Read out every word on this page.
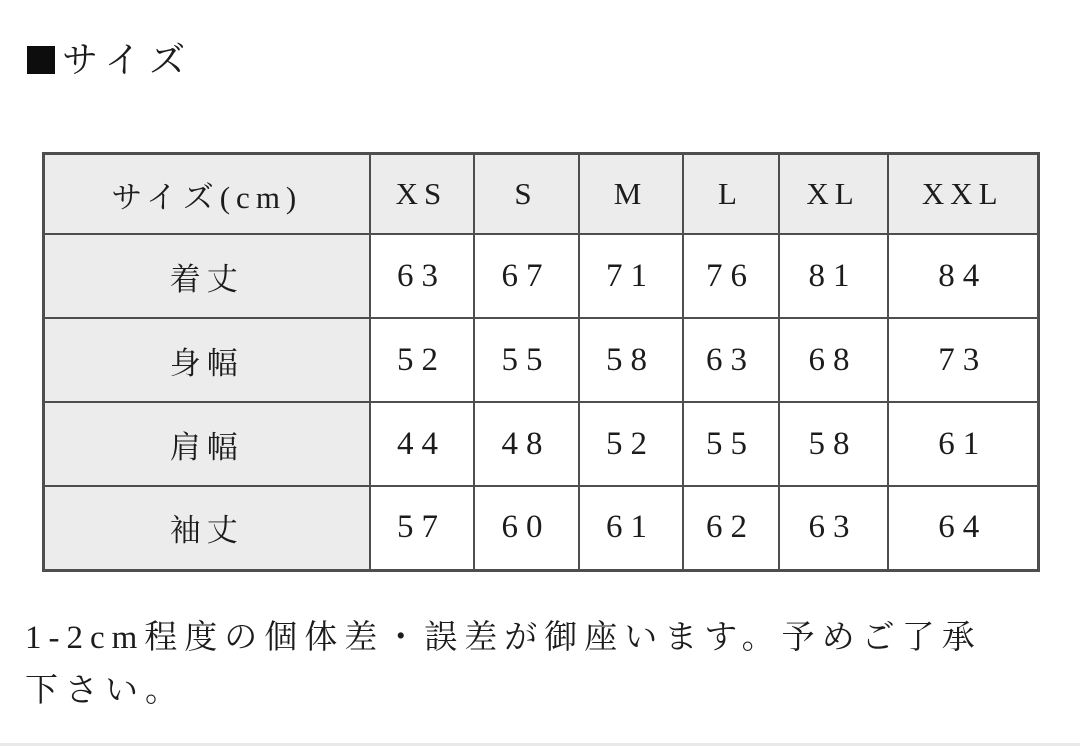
サイズ
サイズ(cm)	XS	S	M	L	XL	XXL
着丈	63	67	71	76	81	84
身幅	52	55	58	63	68	73
肩幅	44	48	52	55	58	61
袖丈	57	60	61	62	63	64

1-2cm程度の個体差・誤差が御座います。予めご了承
下さい。
